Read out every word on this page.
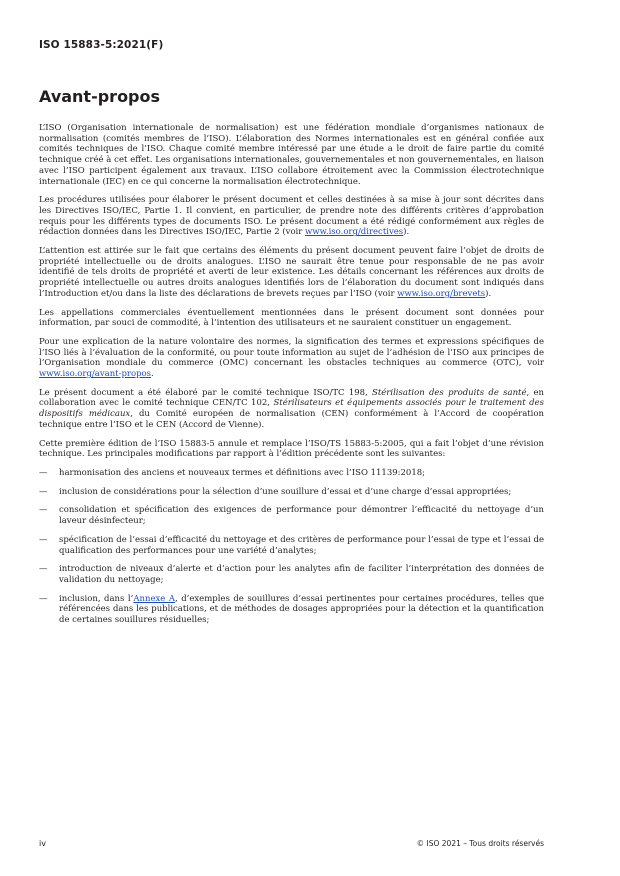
ISO 15883-5:2021(F)
Avant-propos

L’ISO (Organisation internationale de normalisation) est une fédération mondiale d’organismes nationaux de normalisation (comités membres de l’ISO). L’élaboration des Normes internationales est en général confiée aux comités techniques de l’ISO. Chaque comité membre intéressé par une étude a le droit de faire partie du comité technique créé à cet effet. Les organisations internationales, gouvernementales et non gouvernementales, en liaison avec l’ISO participent également aux travaux. L’ISO collabore étroitement avec la Commission électrotechnique internationale (IEC) en ce qui concerne la normalisation électrotechnique.

Les procédures utilisées pour élaborer le présent document et celles destinées à sa mise à jour sont décrites dans les Directives ISO/IEC, Partie 1. Il convient, en particulier, de prendre note des différents critères d’approbation requis pour les différents types de documents ISO. Le présent document a été rédigé conformément aux règles de rédaction données dans les Directives ISO/IEC, Partie 2 (voir www.iso.org/directives).

L’attention est attirée sur le fait que certains des éléments du présent document peuvent faire l’objet de droits de propriété intellectuelle ou de droits analogues. L’ISO ne saurait être tenue pour responsable de ne pas avoir identifié de tels droits de propriété et averti de leur existence. Les détails concernant les références aux droits de propriété intellectuelle ou autres droits analogues identifiés lors de l’élaboration du document sont indiqués dans l’Introduction et/ou dans la liste des déclarations de brevets reçues par l’ISO (voir www.iso.org/brevets).

Les appellations commerciales éventuellement mentionnées dans le présent document sont données pour information, par souci de commodité, à l’intention des utilisateurs et ne sauraient constituer un engagement.

Pour une explication de la nature volontaire des normes, la signification des termes et expressions spécifiques de l’ISO liés à l’évaluation de la conformité, ou pour toute information au sujet de l’adhésion de l’ISO aux principes de l’Organisation mondiale du commerce (OMC) concernant les obstacles techniques au commerce (OTC), voir www.iso.org/avant-propos.

Le présent document a été élaboré par le comité technique ISO/TC 198, Stérilisation des produits de santé, en collaboration avec le comité technique CEN/TC 102, Stérilisateurs et équipements associés pour le traitement des dispositifs médicaux, du Comité européen de normalisation (CEN) conformément à l’Accord de coopération technique entre l’ISO et le CEN (Accord de Vienne).

Cette première édition de l’ISO 15883-5 annule et remplace l’ISO/TS 15883-5:2005, qui a fait l’objet d’une révision technique. Les principales modifications par rapport à l’édition précédente sont les suivantes:

— harmonisation des anciens et nouveaux termes et définitions avec l’ISO 11139:2018;
— inclusion de considérations pour la sélection d’une souillure d’essai et d’une charge d’essai appropriées;
— consolidation et spécification des exigences de performance pour démontrer l’efficacité du nettoyage d’un laveur désinfecteur;
— spécification de l’essai d’efficacité du nettoyage et des critères de performance pour l’essai de type et l’essai de qualification des performances pour une variété d’analytes;
— introduction de niveaux d’alerte et d’action pour les analytes afin de faciliter l’interprétation des données de validation du nettoyage;
— inclusion, dans l’Annexe A, d’exemples de souillures d’essai pertinentes pour certaines procédures, telles que référencées dans les publications, et de méthodes de dosages appropriées pour la détection et la quantification de certaines souillures résiduelles;
iv	© ISO 2021 – Tous droits réservés
